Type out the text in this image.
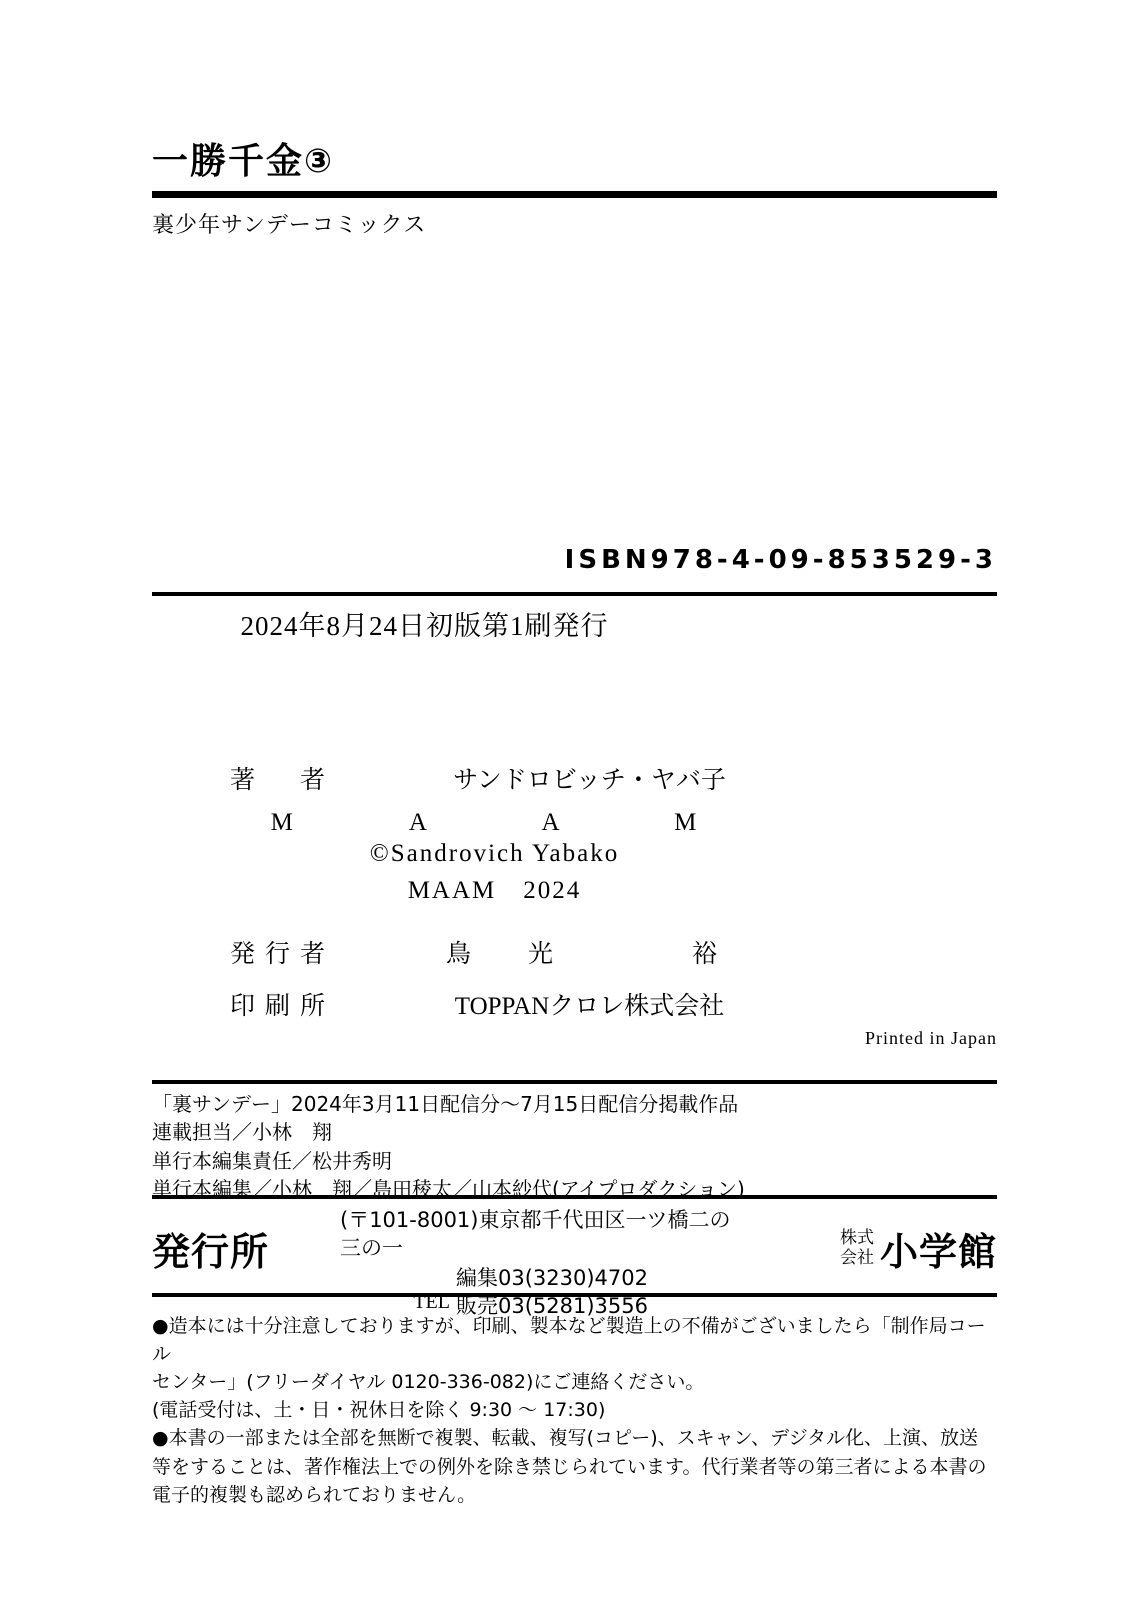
一勝千金③
裏少年サンデーコミックス
ISBN978-4-09-853529-3
2024年8月24日初版第1刷発行
著　者	サンドロビッチ・ヤバ子
M　　A　　A　　M
©Sandrovich Yabako
MAAM　2024
発行者	鳥　光　　　裕
印刷所	TOPPANクロレ株式会社
Printed in Japan
「裏サンデー」2024年3月11日配信分〜7月15日配信分掲載作品
連載担当／小林　翔
単行本編集責任／松井秀明
単行本編集／小林　翔／島田稜太／山本紗代(アイプロダクション)
発行所
(〒101-8001)東京都千代田区一ツ橋二の三の一
TEL
編集03(3230)4702
販売03(5281)3556
株式
会社 小学館

●造本には十分注意しておりますが、印刷、製本など製造上の不備がございましたら「制作局コール

センター」(フリーダイヤル 0120-336-082)にご連絡ください。

(電話受付は、土・日・祝休日を除く 9:30 〜 17:30)

●本書の一部または全部を無断で複製、転載、複写(コピー)、スキャン、デジタル化、上演、放送

等をすることは、著作権法上での例外を除き禁じられています。代行業者等の第三者による本書の

電子的複製も認められておりません。
